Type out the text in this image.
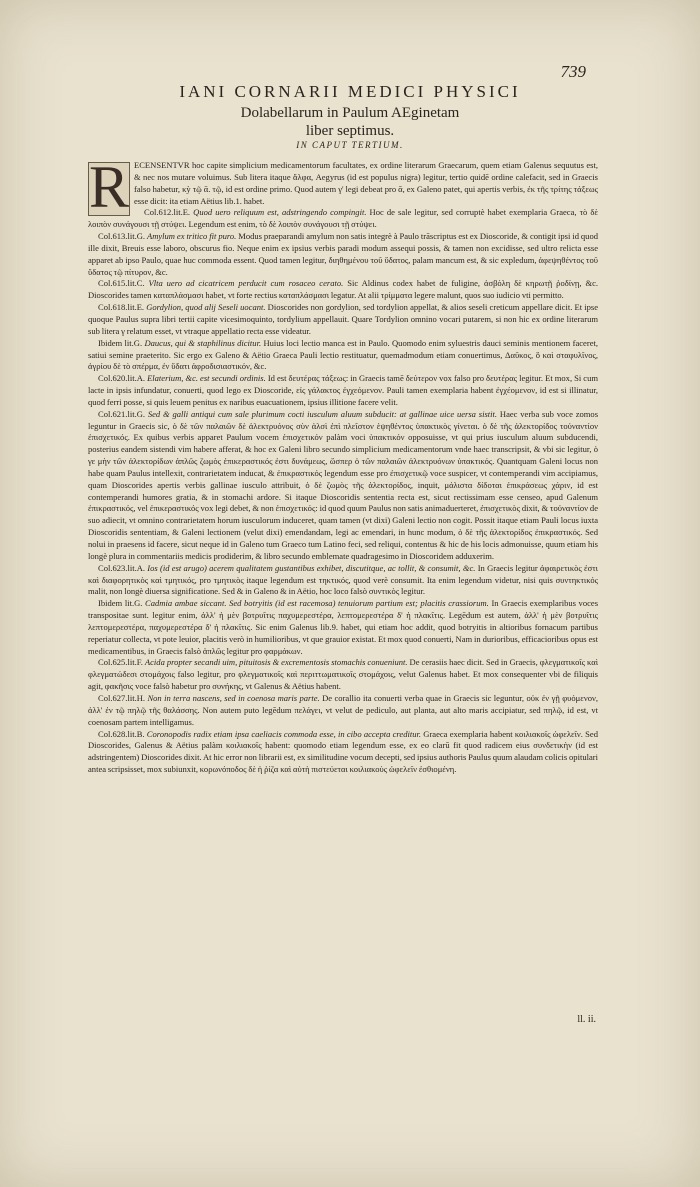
739
IANI CORNARII MEDICI PHYSICI
Dolabellarum in Paulum AEginetam
liber septimus.
IN CAPUT TERTIUM.

R ECENSENTVR hoc capite simplicium medicamentorum facultates, ex ordine literarum Graecarum, quem etiam Galenus sequutus est, & nec nos mutare voluimus. Sub litera itaque ἄλφα, Aegyrus (id est populus nigra) legitur, tertio quidē ordine calefacit, sed in Graecis falso habetur, κỳ τῷ ᾱ. τῷ, id est ordine primo. Quod autem γ' legi debeat pro ᾱ, ex Galeno patet, qui apertis verbis, ἐκ τῆς τρίτης τάξεως esse dicit: ita etiam Aëtius lib.1. habet.

Col.612.lit.E. Quod uero reliquum est, adstringendo compingit. Hoc de sale legitur, sed corruptè habet exemplaria Graeca, τὸ δὲ λοιπὸν συνάγουσι τῇ στύψει. Legendum est enim, τὸ δὲ λοιπὸν συνάγουσι τῇ στύψει.

Col.613.lit.G. Amylum ex tritico fit puro. Modus praeparandi amylum non satis integrè à Paulo trāscriptus est ex Dioscoride, & contigit ipsi id quod ille dixit, Breuis esse laboro, obscurus fio. Neque enim ex ipsius verbis paradi modum assequi possis, & tamen non excidisse, sed ultro relicta esse apparet ab ipso Paulo, quae huc commoda essent. Quod tamen legitur, διηθημένου τοῦ ὕδατος, palam mancum est, & sic expledum, ἀφεψηθέντος τοῦ ὕδατος τῷ πίτυρον, &c.

Col.615.lit.C. Vlta uero ad cicatricem perducit cum rosaceo cerato. Sic Aldinus codex habet de fuligine, ἀσβόλη δὲ κηρωτῇ ῥοδίνῃ, &c. Dioscorides tamen καταπλάσμασι habet, vt forte rectius καταπλάσμασι legatur. At alii τρίμματα legere malunt, quos suo iudicio vti permitto.

Col.618.lit.E. Gordylion, quod alij Seseli uocant. Dioscorides non gordylion, sed tordylion appellat, & alios seseli creticum appellare dicit. Et ipse quoque Paulus supra libri tertii capite vicesimoquinto, tordylium appellauit. Quare Tordylion omnino vocari putarem, si non hic ex ordine literarum sub litera γ relatum esset, vt vtraque appellatio recta esse videatur.

Ibidem lit.G. Daucus, qui & staphilinus dicitur. Huius loci lectio manca est in Paulo. Quomodo enim syluestris dauci seminis mentionem faceret, satiui semine praeterito. Sic ergo ex Galeno & Aëtio Graeca Pauli lectio restituatur, quemadmodum etiam conuertimus, Δαῦκος, ὃ καὶ σταφυλῖνος, ἀγρίου δὲ τὸ σπέρμα, ἐν ὕδατι ἀφροδισιαστικόν, &c.

Col.620.lit.A. Elaterium, &c. est secundi ordinis. Id est δευτέρας τάξεως: in Graecis tamē δεύτερον vox falso pro δευτέρας legitur. Et mox, Si cum lacte in ipsis infundatur, conuerti, quod lego ex Dioscoride, εἰς γάλακτος ἐγχεόμενον. Pauli tamen exemplaria habent ἐγχέομενον, id est si illinatur, quod ferri posse, si quis leuem penitus ex naribus euacuationem, ipsius illitione facere velit.

Col.621.lit.G. Sed & galli antiqui cum sale plurimum cocti iusculum aluum subducit: at gallinae uice uersa sistit. Haec verba sub voce zomos leguntur in Graecis sic, ὁ δὲ τῶν παλαιῶν δὲ ἀλεκτρυόνος σὺν ἁλσὶ ἐπὶ πλεῖστον ἑψηθέντος ὑπακτικὸς γίνεται. ὁ δὲ τῆς ἀλεκτορίδος τοὐναντίον ἐπισχετικός. Ex quibus verbis apparet Paulum vocem ἐπισχετικόν palàm voci ὑπακτικόν opposuisse, vt qui prius iusculum aluum subducendi, posterius eandem sistendi vim habere afferat, & hoc ex Galeni libro secundo simplicium medicamentorum vnde haec transcripsit, & vbi sic legitur, ὁ γε μὴν τῶν ἀλεκτορίδων ἀπλῶς ζωμὸς ἐπικεραστικός ἐστι δυνάμεως, ὥσπερ ὁ τῶν παλαιῶν ἀλεκτρυόνων ὑπακτικός. Quantquam Galeni locus non habe quam Paulus intellexit, contrarietatem inducat, & ἐπικραστικός legendum esse pro ἐπισχετικῷ voce suspicer, vt contemperandi vim accipiamus, quam Dioscorides apertis verbis gallinae iusculo attribuit, ὁ δὲ ζωμὸς τῆς ἀλεκτορίδος, inquit, μάλιστα δίδοται ἐπικράσεως χάριν, id est contemperandi humores gratia, & in stomachi ardore. Si itaque Dioscoridis sententia recta est, sicut rectissimam esse censeo, apud Galenum ἐπικραστικός, vel ἐπικεραστικός vox legi debet, & non ἐπισχετικός: id quod quum Paulus non satis animaduerteret, ἐπισχετικὸς dixit, & τοὐναντίον de suo adiecit, vt omnino contrarietatem horum iusculorum induceret, quam tamen (vt dixi) Galeni lectio non cogit. Possit itaque etiam Pauli locus iuxta Dioscoridis sententiam, & Galeni lectionem (velut dixi) emendandam, legi ac emendari, in hunc modum, ὁ δὲ τῆς ἀλεκτορίδος ἐπικραστικός. Sed nolui in praesens id facere, sicut neque id in Galeno tum Graeco tum Latino feci, sed reliqui, contentus & hic de his locis admonuisse, quum etiam his longè plura in commentariis medicis prodiderim, & libro secundo emblemate quadragesimo in Dioscoridem adduxerim.

Col.623.lit.A. Ios (id est arugo) acerem qualitatem gustantibus exhibet, discutitque, ac tollit, & consumit, &c. In Graecis legitur ἀφαιρετικὸς ἐστι καὶ διαφορητικὸς καὶ τμητικός, pro τμητικὸς itaque legendum est τηκτικός, quod verè consumit. Ita enim legendum videtur, nisi quis συντηκτικός malit, non longè diuersa significatione. Sed & in Galeno & in Aëtio, hoc loco falsò συντικὸς legitur.

Ibidem lit.G. Cadmia ambae siccant. Sed botryitis (id est racemosa) tenuiorum partium est; placitis crassiorum. In Graecis exemplaribus voces transpositae sunt. legitur enim, ἀλλ' ἡ μὲν βοτρυῖτις παχυμερεστέρα, λεπτομερεστέρα δ' ἡ πλακῖτις. Legēdum est autem, ἀλλ' ἡ μὲν βοτρυῖτις λεπτομερεστέρα, παχυμερεστέρα δ' ἡ πλακῖτις. Sic enim Galenus lib.9. habet, qui etiam hoc addit, quod botryitis in altioribus fornacum partibus reperiatur collecta, vt pote leuior, placitis verò in humilioribus, vt que grauior existat. Et mox quod conuerti, Nam in durioribus, efficacioribus opus est medicamentibus, in Graecis falsò ἁπλῶς legitur pro φαρμάκων.

Col.625.lit.F. Acida propter secandi uim, pituitosis & excrementosis stomachis conueniunt. De cerasiis haec dicit. Sed in Graecis, φλεγματικοῖς καὶ φλεγματώδεσι στομάχοις falso legitur, pro φλεγματικοῖς καὶ περιττωματικοῖς στομάχοις, velut Galenus habet. Et mox consequenter vbi de filiquis agit, φακῆσις voce falsò habetur pro συνήκης, vt Galenus & Aëtius habent.

Col.627.lit.H. Non in terra nascens, sed in coenosa maris parte. De corallio ita conuerti verba quae in Graecis sic leguntur, οὐκ ἐν γῇ φυόμενον, ἀλλ' ἐν τῷ πηλῷ τῆς θαλάσσης. Non autem puto legēdum πελάγει, vt velut de pediculo, aut planta, aut alto maris accipiatur, sed πηλῷ, id est, vt coenosam partem intelligamus.

Col.628.lit.B. Coronopodis radix etiam ipsa caeliacis commoda esse, in cibo accepta creditur. Graeca exemplaria habent κοιλιακοῖς ὠφελεῖν. Sed Dioscorides, Galenus & Aëtius palàm κοιλιακοῖς habent: quomodo etiam legendum esse, ex eo clarū fit quod radicem eius συνδετικὴν (id est adstringentem) Dioscorides dixit. At hic error non librarii est, ex similitudine vocum decepti, sed ipsius authoris Paulus quum alaudam colicis opitulari antea scripsisset, mox subiunxit, κορωνόποδος δὲ ἡ ῥίζα καὶ αὐτὴ πιστεύεται κοιλιακοὺς ὠφελεῖν ἐσθιομένη.

ll. ii.
